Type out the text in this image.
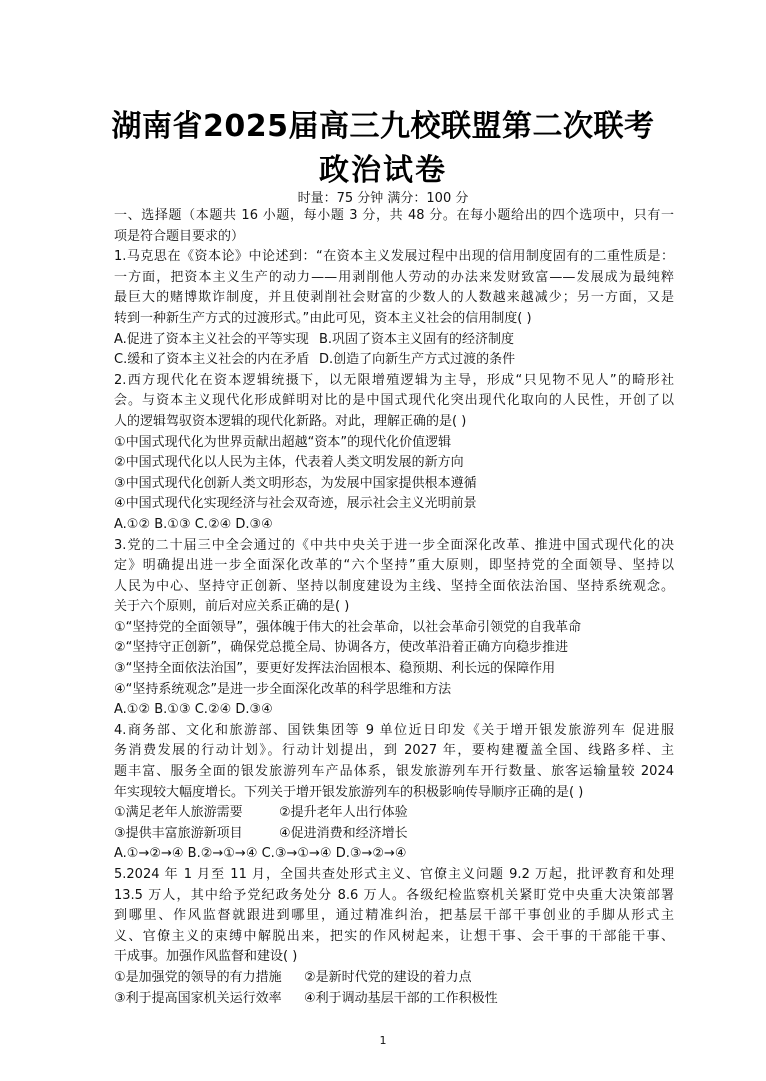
湖南省2025届高三九校联盟第二次联考
政治试卷
时量：75 分钟 满分：100 分
一、选择题（本题共 16 小题，每小题 3 分，共 48 分。在每小题给出的四个选项中，只有一
项是符合题目要求的）
1.马克思在《资本论》中论述到：“在资本主义发展过程中出现的信用制度固有的二重性质是：
一方面，把资本主义生产的动力——用剥削他人劳动的办法来发财致富——发展成为最纯粹
最巨大的赌博欺诈制度，并且使剥削社会财富的少数人的人数越来越减少；另一方面，又是
转到一种新生产方式的过渡形式。”由此可见，资本主义社会的信用制度( )
A.促进了资本主义社会的平等实现 B.巩固了资本主义固有的经济制度
C.缓和了资本主义社会的内在矛盾 D.创造了向新生产方式过渡的条件
2.西方现代化在资本逻辑统摄下，以无限增殖逻辑为主导，形成“只见物不见人”的畸形社
会。与资本主义现代化形成鲜明对比的是中国式现代化突出现代化取向的人民性，开创了以
人的逻辑驾驭资本逻辑的现代化新路。对此，理解正确的是( )
①中国式现代化为世界贡献出超越“资本”的现代化价值逻辑
②中国式现代化以人民为主体，代表着人类文明发展的新方向
③中国式现代化创新人类文明形态，为发展中国家提供根本遵循
④中国式现代化实现经济与社会双奇迹，展示社会主义光明前景
A.①② B.①③ C.②④ D.③④
3.党的二十届三中全会通过的《中共中央关于进一步全面深化改革、推进中国式现代化的决
定》明确提出进一步全面深化改革的“六个坚持”重大原则，即坚持党的全面领导、坚持以
人民为中心、坚持守正创新、坚持以制度建设为主线、坚持全面依法治国、坚持系统观念。
关于六个原则，前后对应关系正确的是( )
①“坚持党的全面领导”，强体魄于伟大的社会革命，以社会革命引领党的自我革命
②“坚持守正创新”，确保党总揽全局、协调各方，使改革沿着正确方向稳步推进
③“坚持全面依法治国”，要更好发挥法治固根本、稳预期、利长远的保障作用
④“坚持系统观念”是进一步全面深化改革的科学思维和方法
A.①② B.①③ C.②④ D.③④
4.商务部、文化和旅游部、国铁集团等 9 单位近日印发《关于增开银发旅游列车 促进服
务消费发展的行动计划》。行动计划提出，到 2027 年，要构建覆盖全国、线路多样、主
题丰富、服务全面的银发旅游列车产品体系，银发旅游列车开行数量、旅客运输量较 2024
年实现较大幅度增长。下列关于增开银发旅游列车的积极影响传导顺序正确的是( )
①满足老年人旅游需要	②提升老年人出行体验
③提供丰富旅游新项目	④促进消费和经济增长
A.①→②→④ B.②→①→④ C.③→①→④ D.③→②→④
5.2024 年 1 月至 11 月，全国共查处形式主义、官僚主义问题 9.2 万起，批评教育和处理
13.5 万人，其中给予党纪政务处分 8.6 万人。各级纪检监察机关紧盯党中央重大决策部署
到哪里、作风监督就跟进到哪里，通过精准纠治，把基层干部干事创业的手脚从形式主
义、官僚主义的束缚中解脱出来，把实的作风树起来，让想干事、会干事的干部能干事、
干成事。加强作风监督和建设( )
①是加强党的领导的有力措施	②是新时代党的建设的着力点
③利于提高国家机关运行效率	④利于调动基层干部的工作积极性
1
